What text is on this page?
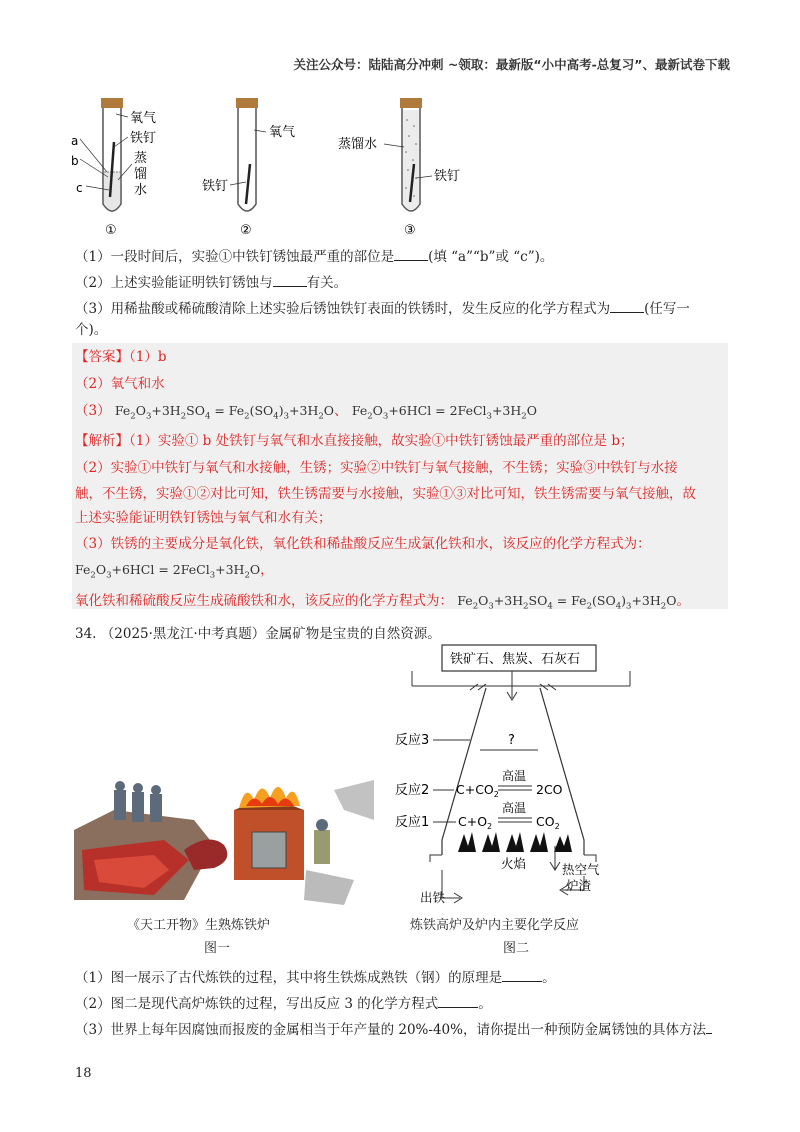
关注公众号：陆陆高分冲刺 ~领取：最新版“小中高考-总复习”、最新试卷下载
a
b
c
氧气
铁钉
蒸
馏
水
①
氧气
铁钉
②
蒸馏水
铁钉
③
（1）一段时间后，实验①中铁钉锈蚀最严重的部位是	(填 “a”“b”或 “c”)。
（2）上述实验能证明铁钉锈蚀与	有关。
（3）用稀盐酸或稀硫酸清除上述实验后锈蚀铁钉表面的铁锈时，发生反应的化学方程式为	(任写一
个)。
【答案】（1）b
（2）氧气和水
（3） $Fe_2O_3+3H_2SO_4 = Fe_2(SO_4)_3+3H_2O$、 $Fe_2O_3+6HCl$ = $2FeCl_3+3H_2O$
【解析】（1）实验① b 处铁钉与氧气和水直接接触，故实验①中铁钉锈蚀最严重的部位是 b；
（2）实验①中铁钉与氧气和水接触，生锈；实验②中铁钉与氧气接触，不生锈；实验③中铁钉与水接
触，不生锈，实验①②对比可知，铁生锈需要与水接触，实验①③对比可知，铁生锈需要与氧气接触，故
上述实验能证明铁钉锈蚀与氧气和水有关；
（3）铁锈的主要成分是氧化铁，氧化铁和稀盐酸反应生成氯化铁和水，该反应的化学方程式为：
$Fe_2O_3+6HCl$ = $2FeCl_3+3H_2O$，
氧化铁和稀硫酸反应生成硫酸铁和水，该反应的化学方程式为： $Fe_2O_3+3H_2SO_4 = Fe_2(SO_4)_3+3H_2O$。
34. （2025·黑龙江·中考真题）金属矿物是宝贵的自然资源。
《天工开物》生熟炼铁炉
图一
铁矿石、焦炭、石灰石
反应3	?
反应2 $C+CO_2$
高温
2CO
反应1 $C+O_2$
高温
$CO_2$
火焰	热空气
炉渣
出铁
炼铁高炉及炉内主要化学反应
图二
（1）图一展示了古代炼铁的过程，其中将生铁炼成熟铁（钢）的原理是	。
（2）图二是现代高炉炼铁的过程，写出反应 3 的化学方程式	。
（3）世界上每年因腐蚀而报废的金属相当于年产量的 20%-40%，请你提出一种预防金属锈蚀的具体方法
18
